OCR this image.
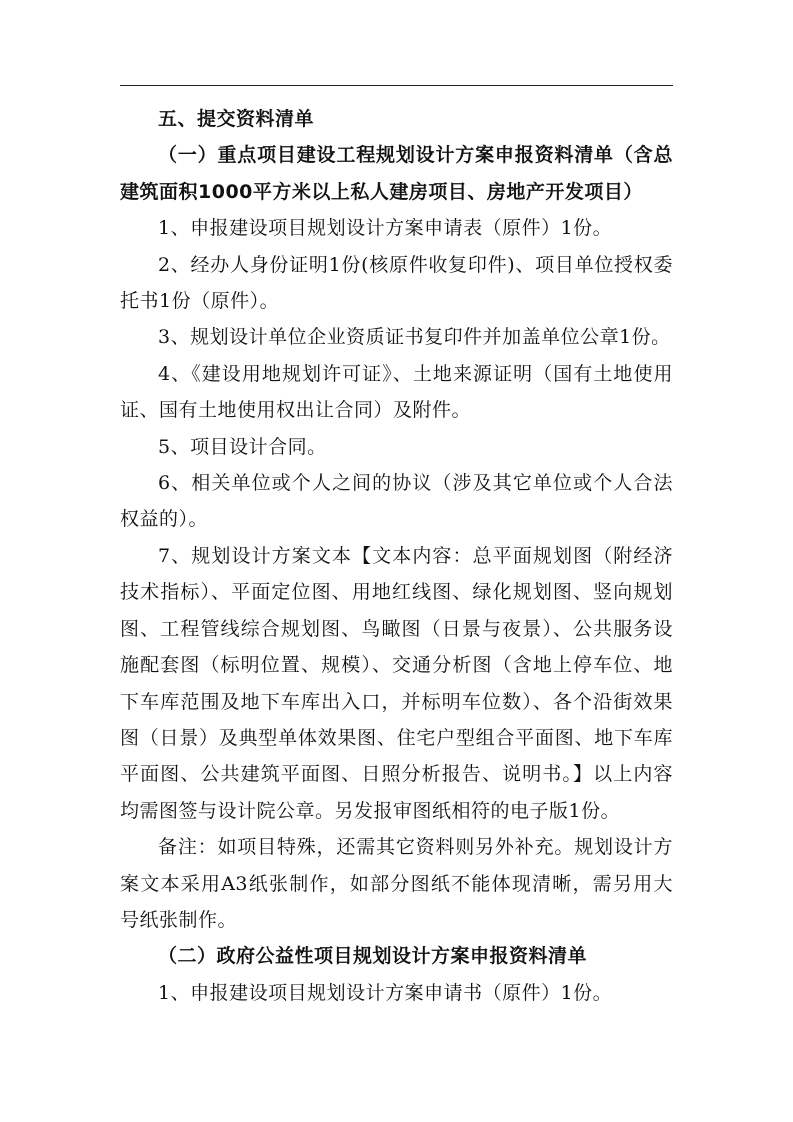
五、提交资料清单

（一）重点项目建设工程规划设计方案申报资料清单（含总建筑面积1000平方米以上私人建房项目、房地产开发项目）

1、申报建设项目规划设计方案申请表（原件）1份。

2、经办人身份证明1份(核原件收复印件)、项目单位授权委托书1份（原件）。

3、规划设计单位企业资质证书复印件并加盖单位公章1份。

4、《建设用地规划许可证》、土地来源证明（国有土地使用证、国有土地使用权出让合同）及附件。

5、项目设计合同。

6、相关单位或个人之间的协议（涉及其它单位或个人合法权益的）。

7、规划设计方案文本【文本内容：总平面规划图（附经济技术指标）、平面定位图、用地红线图、绿化规划图、竖向规划图、工程管线综合规划图、鸟瞰图（日景与夜景）、公共服务设施配套图（标明位置、规模）、交通分析图（含地上停车位、地下车库范围及地下车库出入口，并标明车位数）、各个沿街效果图（日景）及典型单体效果图、住宅户型组合平面图、地下车库平面图、公共建筑平面图、日照分析报告、说明书。】以上内容均需图签与设计院公章。另发报审图纸相符的电子版1份。

备注：如项目特殊，还需其它资料则另外补充。规划设计方案文本采用A3纸张制作，如部分图纸不能体现清晰，需另用大号纸张制作。

（二）政府公益性项目规划设计方案申报资料清单

1、申报建设项目规划设计方案申请书（原件）1份。
